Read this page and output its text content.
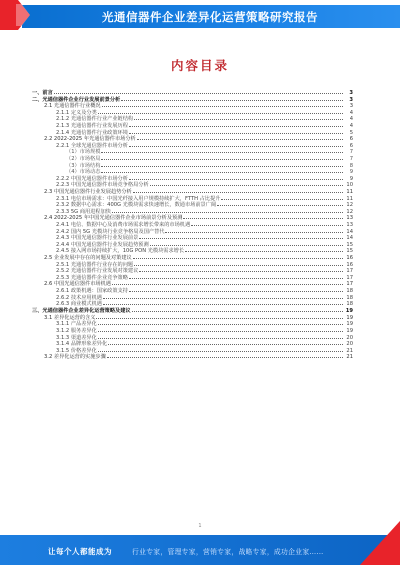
光通信器件企业差异化运营策略研究报告
内容目录
一、前言	3
二、光通信器件企业行业发展前景分析	3
2.1 光通信器件行业概况	3
2.1.1 定义及分类	4
2.1.2 光通信器件行业产业链结构	4
2.1.3 光通信器件行业发展历程	4
2.1.4 光通信器件行业政策环境	5
2.2 2022-2025 年光通信器件市场分析	6
2.2.1 全球光通信器件市场分析	6
（1）市场规模	7
（2）市场格局	7
（3）市场结构	8
（4）市场动态	9
2.2.2 中国光通信器件市场分析	9
2.2.3 中国光通信器件市场竞争格局分析	10
2.3 中国光通信器件行业发展趋势分析	11
2.3.1 电信市场需求：中国光纤接入用户规模持续扩大，FTTH 占比提升	11
2.3.2 数据中心需求：400G 光模块需求快速增长，数通市场前景广阔	12
2.3.3 5G 商用进程加快	12
2.4 2022-2025 年中国光通信器件企业市场前景分析及预测	13
2.4.1 电信、数据中心及消费市场需求增长带来的市场机遇	13
2.4.2 国内 5G 光模块行业竞争格局及国产替代	14
2.4.3 中国光通信器件行业发展前景	14
2.4.4 中国光通信器件行业发展趋势预测	15
2.4.5 接入网市场持续扩大，10G PON 光模块需求增长	15
2.5 企业发展中存在的问题及对策建议	16
2.5.1 光通信器件行业存在的问题	16
2.5.2 光通信器件行业发展对策建议	17
2.5.3 光通信器件企业竞争策略	17
2.6 中国光通信器件市场机遇	17
2.6.1 政策机遇：国家政策支持	18
2.6.2 技术应用机遇	18
2.6.3 商业模式机遇	18
三、光通信器件企业差异化运营策略及建议	19
3.1 差异化运营的含义	19
3.1.1 产品差异化	19
3.1.2 服务差异化	19
3.1.3 渠道差异化	20
3.1.4 品牌形象差异化	20
3.1.5 价格差异化	21
3.2 差异化运营的实施步骤	21
1
让每个人都能成为	行业专家，管理专家，营销专家，战略专家，成功企业家……
